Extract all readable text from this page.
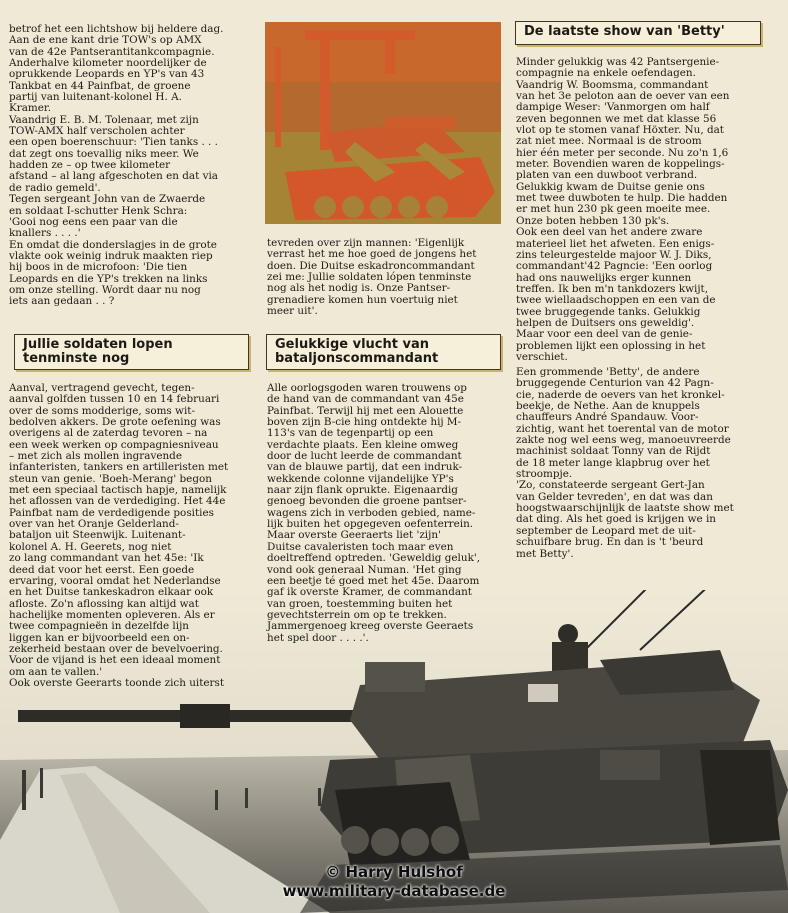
De laatste show van 'Betty'
Jullie soldaten lopen
tenminste nog
Gelukkige vlucht van
bataljonscommandant

betrof het een lichtshow bij heldere dag.
Aan de ene kant drie TOW's op AMX
van de 42e Pantserantitankcompagnie.
Anderhalve kilometer noordelijker de
oprukkende Leopards en YP's van 43
Tankbat en 44 Painfbat, de groene
partij van luitenant-kolonel H. A.
Kramer.
Vaandrig E. B. M. Tolenaar, met zijn
TOW-AMX half verscholen achter
een open boerenschuur: 'Tien tanks . . .
dat zegt ons toevallig niks meer. We
hadden ze – op twee kilometer
afstand – al lang afgeschoten en dat via
de radio gemeld'.
Tegen sergeant John van de Zwaerde
en soldaat I-schutter Henk Schra:
'Gooi nog eens een paar van die
knallers . . . .'
En omdat die donderslagjes in de grote
vlakte ook weinig indruk maakten riep
hij boos in de microfoon: 'Die tien
Leopards en die YP's trekken na links
om onze stelling. Wordt daar nu nog
iets aan gedaan . . ?

tevreden over zijn mannen: 'Eigenlijk
verrast het me hoe goed de jongens het
doen. Die Duitse eskadroncommandant
zei me: Jullie soldaten lópen tenminste
nog als het nodig is. Onze Pantser-
grenadiere komen hun voertuig niet
meer uit'.

Minder gelukkig was 42 Pantsergenie-
compagnie na enkele oefendagen.
Vaandrig W. Boomsma, commandant
van het 3e peloton aan de oever van een
dampige Weser: 'Vanmorgen om half
zeven begonnen we met dat klasse 56
vlot op te stomen vanaf Höxter. Nu, dat
zat niet mee. Normaal is de stroom
hier één meter per seconde. Nu zo'n 1,6
meter. Bovendien waren de koppelings-
platen van een duwboot verbrand.
Gelukkig kwam de Duitse genie ons
met twee duwboten te hulp. Die hadden
er met hun 230 pk geen moeite mee.
Onze boten hebben 130 pk's.
Ook een deel van het andere zware
materieel liet het afweten. Een enigs-
zins teleurgestelde majoor W. J. Diks,
commandant'42 Pagncie: 'Een oorlog
had ons nauwelijks erger kunnen
treffen. Ik ben m'n tankdozers kwijt,
twee wiellaadschoppen en een van de
twee bruggegende tanks. Gelukkig
helpen de Duitsers ons geweldig'.
Maar voor een deel van de genie-
problemen lijkt een oplossing in het
verschiet.

Aanval, vertragend gevecht, tegen-
aanval golfden tussen 10 en 14 februari
over de soms modderige, soms wit-
bedolven akkers. De grote oefening was
overigens al de zaterdag tevoren – na
een week werken op compagniesniveau
– met zich als mollen ingravende
infanteristen, tankers en artilleristen met
steun van genie. 'Boeh-Merang' begon
met een speciaal tactisch hapje, namelijk
het aflossen van de verdediging. Het 44e
Painfbat nam de verdedigende posities
over van het Oranje Gelderland-
bataljon uit Steenwijk. Luitenant-
kolonel A. H. Geerets, nog niet
zo lang commandant van het 45e: 'Ik
deed dat voor het eerst. Een goede
ervaring, vooral omdat het Nederlandse
en het Duitse tankeskadron elkaar ook
afloste. Zo'n aflossing kan altijd wat
hachelijke momenten opleveren. Als er
twee compagnieën in dezelfde lijn
liggen kan er bijvoorbeeld een on-
zekerheid bestaan over de bevelvoering.
Voor de vijand is het een ideaal moment
om aan te vallen.'
Ook overste Geerarts toonde zich uiterst

Alle oorlogsgoden waren trouwens op
de hand van de commandant van 45e
Painfbat. Terwijl hij met een Alouette
boven zijn B-cie hing ontdekte hij M-
113's van de tegenpartij op een
verdachte plaats. Een kleine omweg
door de lucht leerde de commandant
van de blauwe partij, dat een indruk-
wekkende colonne vijandelijke YP's
naar zijn flank oprukte. Eigenaardig
genoeg bevonden die groene pantser-
wagens zich in verboden gebied, name-
lijk buiten het opgegeven oefenterrein.
Maar overste Geeraerts liet 'zijn'
Duitse cavaleristen toch maar even
doeltreffend optreden. 'Geweldig geluk',
vond ook generaal Numan. 'Het ging
een beetje té goed met het 45e. Daarom
gaf ik overste Kramer, de commandant
van groen, toestemming buiten het
gevechtsterrein om op te trekken.
Jammergenoeg kreeg overste Geeraets
het spel door . . . .'.

Een grommende 'Betty', de andere
bruggegende Centurion van 42 Pagn-
cie, naderde de oevers van het kronkel-
beekje, de Nethe. Aan de knuppels
chauffeurs André Spandauw. Voor-
zichtig, want het toerental van de motor
zakte nog wel eens weg, manoeuvreerde
machinist soldaat Tonny van de Rijdt
de 18 meter lange klapbrug over het
stroompje.
'Zo, constateerde sergeant Gert-Jan
van Gelder tevreden', en dat was dan
hoogstwaarschijnlijk de laatste show met
dat ding. Als het goed is krijgen we in
september de Leopard met de uit-
schuifbare brug. En dan is 't 'beurd
met Betty'.

© Harry Hulshof
www.military-database.de
